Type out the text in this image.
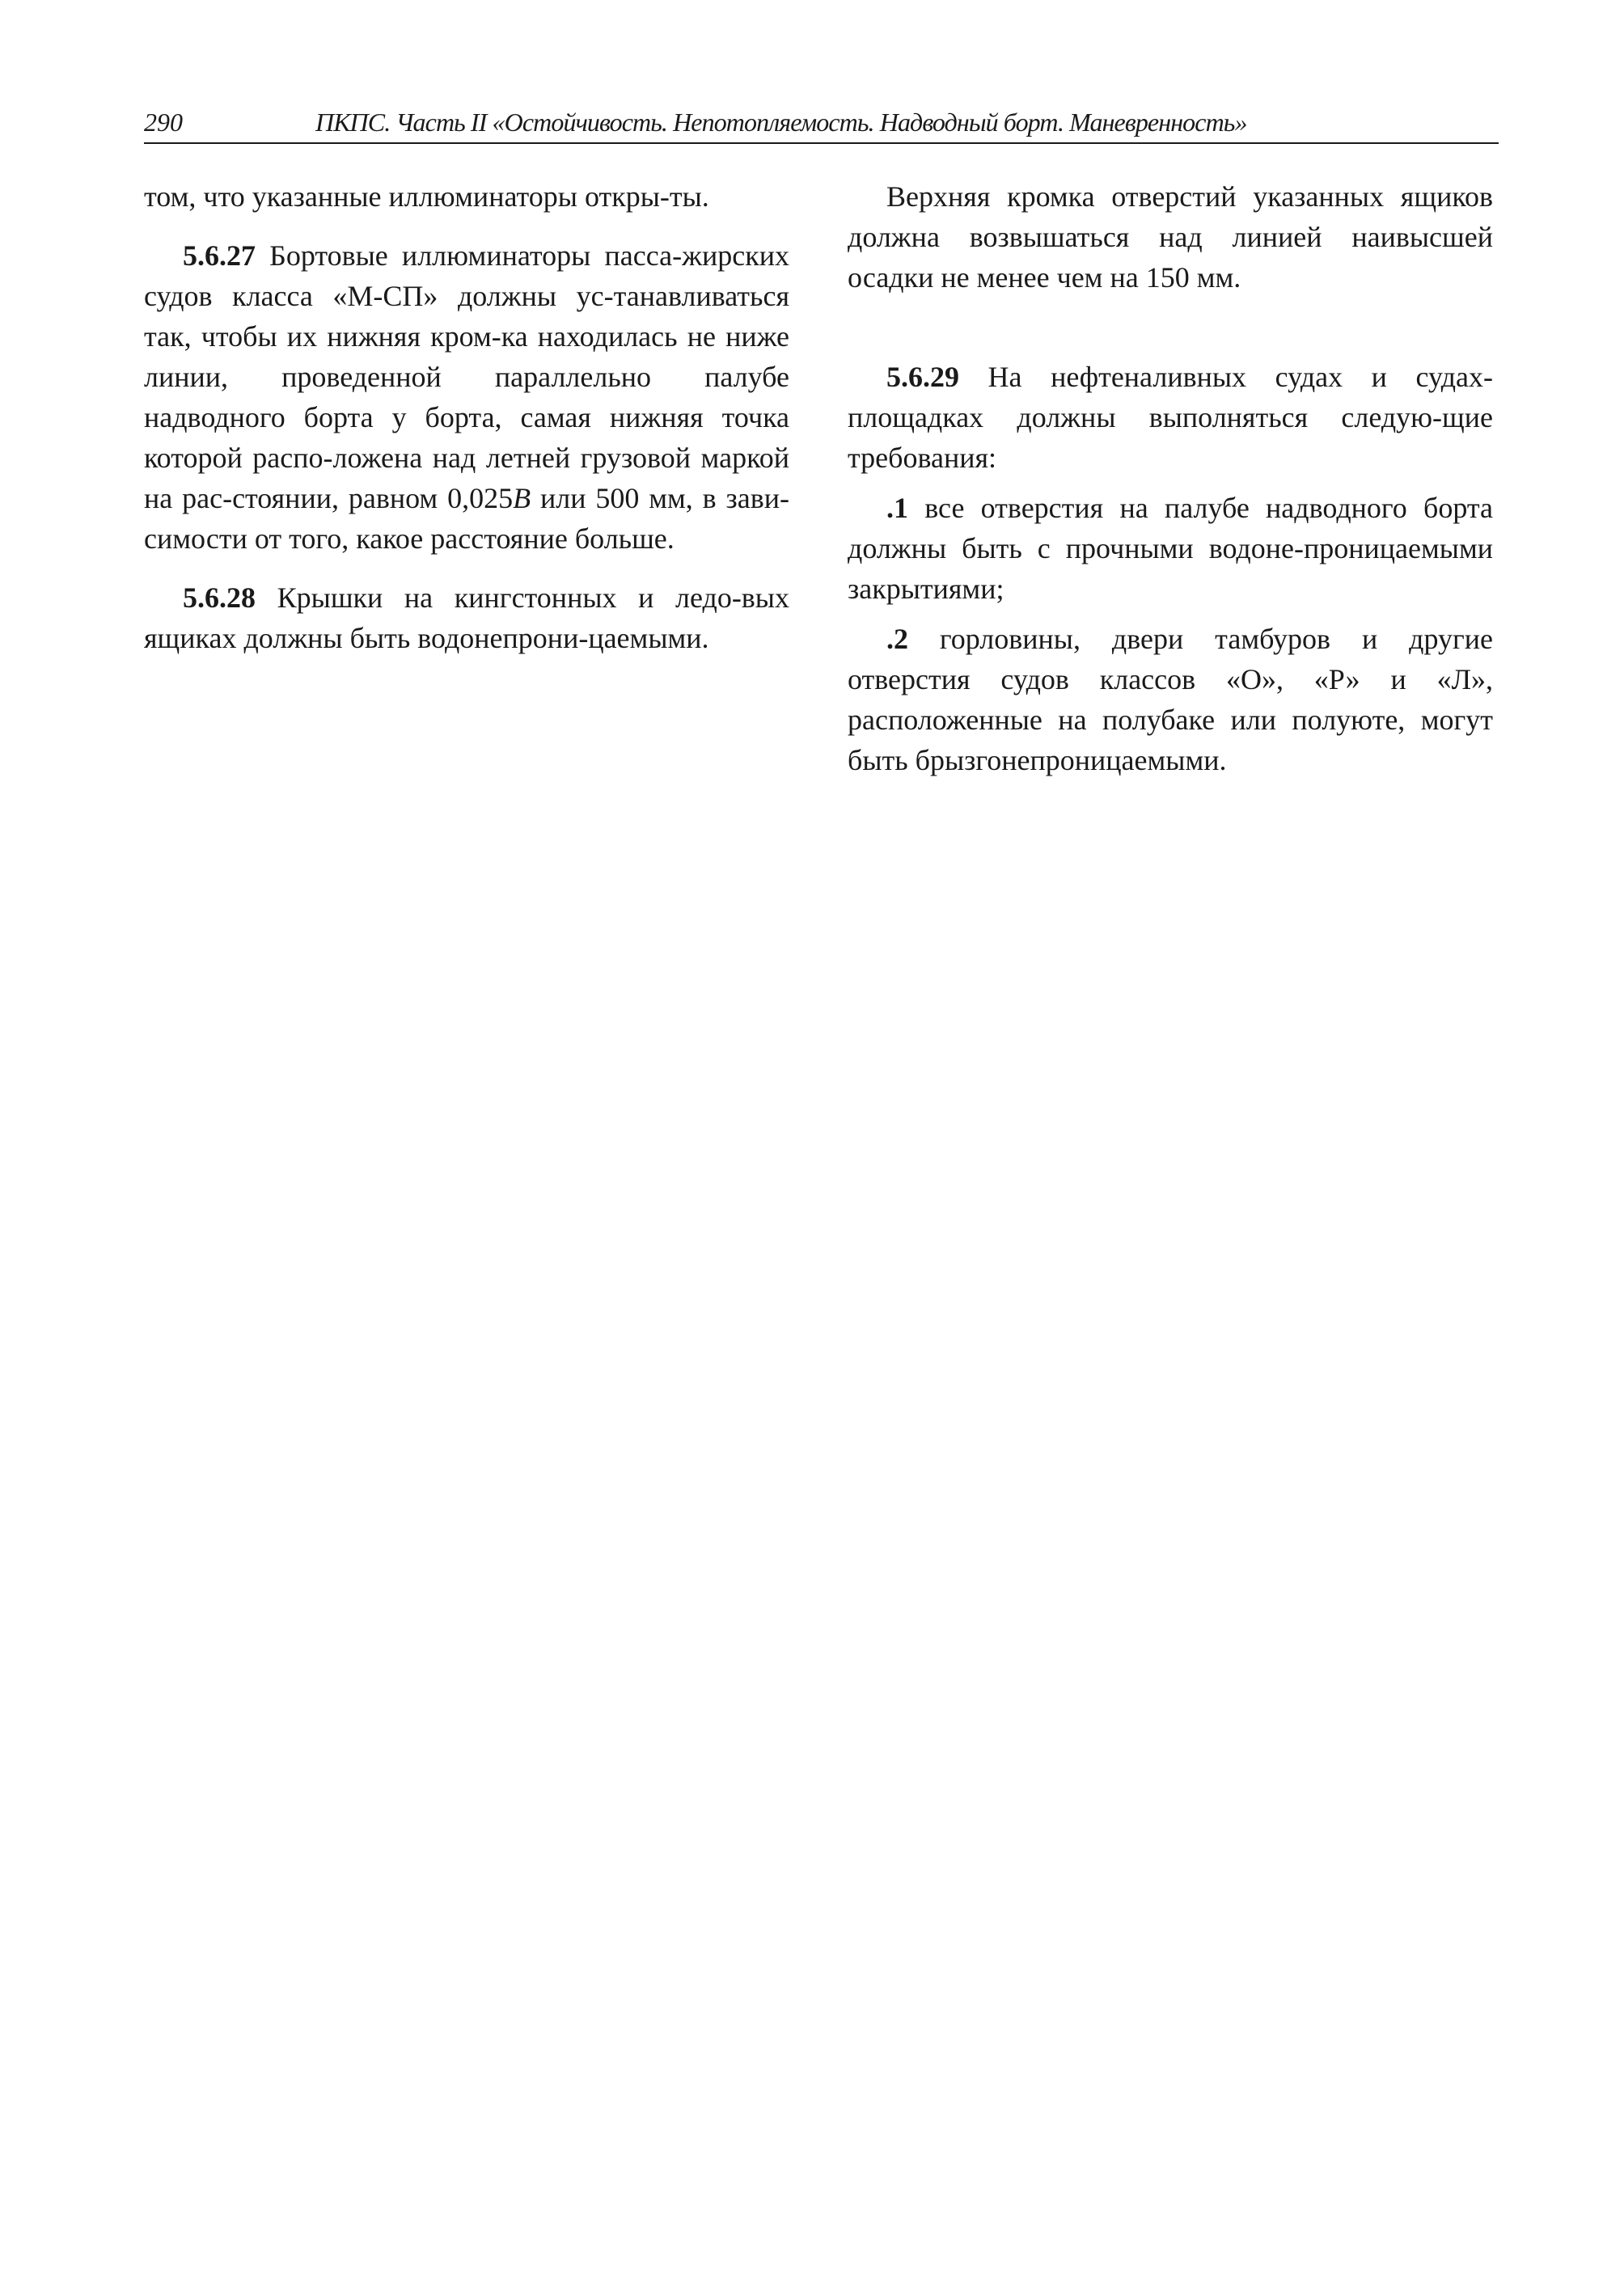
290	ПКПС. Часть II «Остойчивость. Непотопляемость. Надводный борт. Маневренность»

том, что указанные иллюминаторы откры-ты.

5.6.27 Бортовые иллюминаторы пасса-жирских судов класса «М-СП» должны ус-танавливаться так, чтобы их нижняя кром-ка находилась не ниже линии, проведенной параллельно палубе надводного борта у борта, самая нижняя точка которой распо-ложена над летней грузовой маркой на рас-стоянии, равном 0,025B или 500 мм, в зави-симости от того, какое расстояние больше.

5.6.28 Крышки на кингстонных и ледо-вых ящиках должны быть водонепрони-цаемыми.

Верхняя кромка отверстий указанных ящиков должна возвышаться над линией наивысшей осадки не менее чем на 150 мм.

5.6.29 На нефтеналивных судах и судах-площадках должны выполняться следую-щие требования:

.1 все отверстия на палубе надводного борта должны быть с прочными водоне-проницаемыми закрытиями;

.2 горловины, двери тамбуров и другие отверстия судов классов «О», «Р» и «Л», расположенные на полубаке или полуюте, могут быть брызгонепроницаемыми.
